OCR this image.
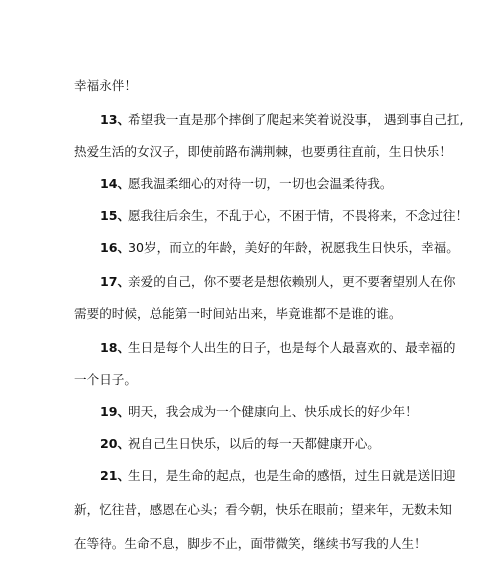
幸福永伴！
13、希望我一直是那个摔倒了爬起来笑着说没事， 遇到事自己扛,
热爱生活的女汉子，即使前路布满荆棘，也要勇往直前，生日快乐！
14、愿我温柔细心的对待一切，一切也会温柔待我。
15、愿我往后余生，不乱于心，不困于情，不畏将来，不念过往！
16、30岁，而立的年龄，美好的年龄，祝愿我生日快乐，幸福。
17、亲爱的自己，你不要老是想依赖别人，更不要奢望别人在你
需要的时候，总能第一时间站出来，毕竟谁都不是谁的谁。
18、生日是每个人出生的日子，也是每个人最喜欢的、最幸福的
一个日子。
19、明天，我会成为一个健康向上、快乐成长的好少年！
20、祝自己生日快乐，以后的每一天都健康开心。
21、生日，是生命的起点，也是生命的感悟，过生日就是送旧迎
新，忆往昔，感恩在心头；看今朝，快乐在眼前；望来年，无数未知
在等待。生命不息，脚步不止，面带微笑，继续书写我的人生！
